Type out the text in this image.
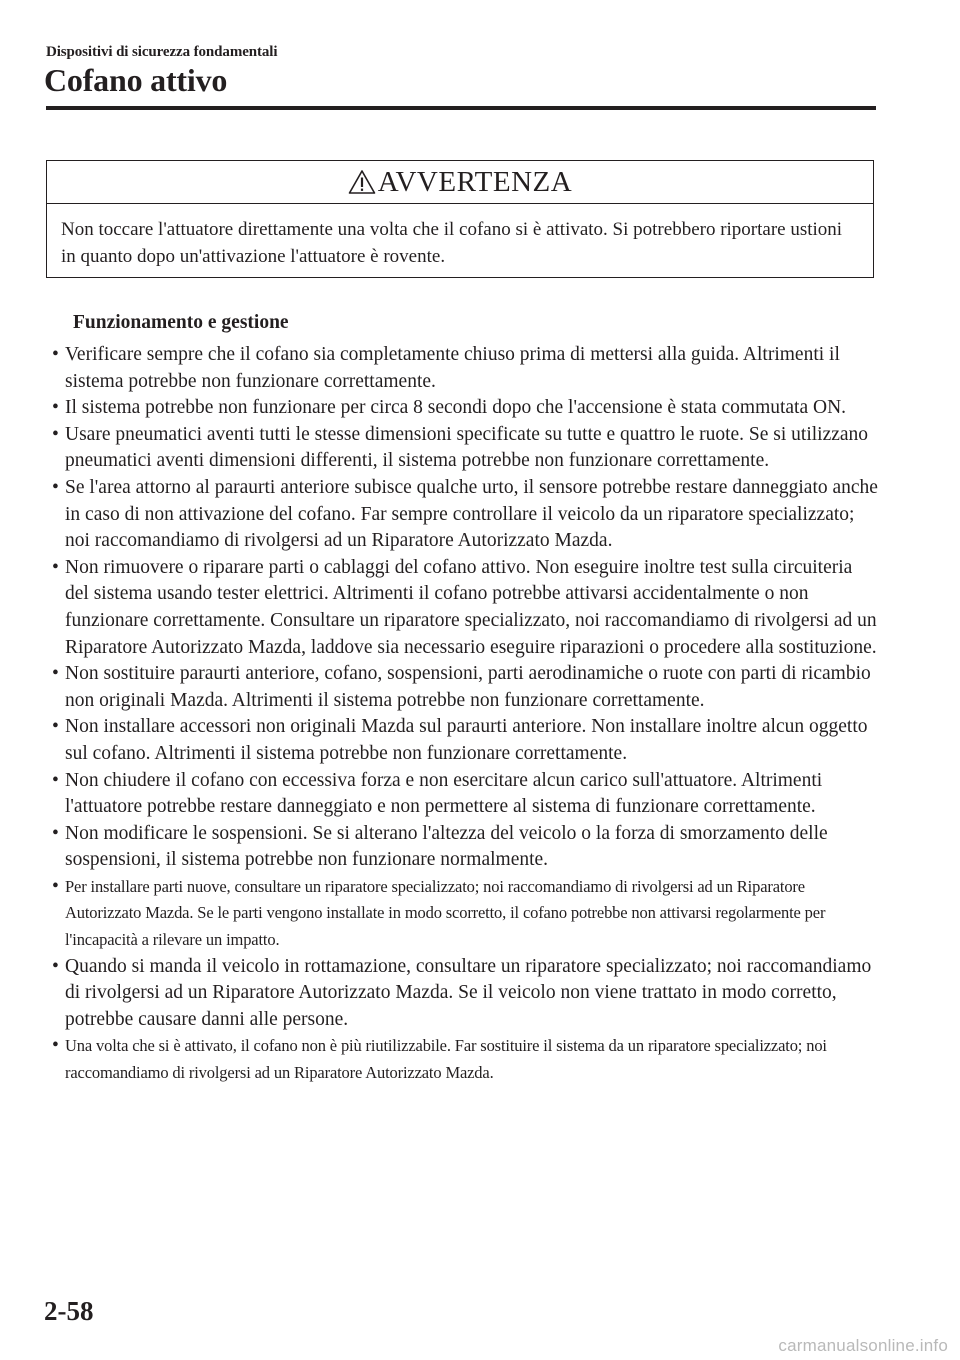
Dispositivi di sicurezza fondamentali
Cofano attivo
AVVERTENZA
Non toccare l'attuatore direttamente una volta che il cofano si è attivato. Si potrebbero riportare ustioni in quanto dopo un'attivazione l'attuatore è rovente.
Funzionamento e gestione
• Verificare sempre che il cofano sia completamente chiuso prima di mettersi alla guida. Altrimenti il sistema potrebbe non funzionare correttamente.
• Il sistema potrebbe non funzionare per circa 8 secondi dopo che l'accensione è stata commutata ON.
• Usare pneumatici aventi tutti le stesse dimensioni specificate su tutte e quattro le ruote. Se si utilizzano pneumatici aventi dimensioni differenti, il sistema potrebbe non funzionare correttamente.
• Se l'area attorno al paraurti anteriore subisce qualche urto, il sensore potrebbe restare danneggiato anche in caso di non attivazione del cofano. Far sempre controllare il veicolo da un riparatore specializzato; noi raccomandiamo di rivolgersi ad un Riparatore Autorizzato Mazda.
• Non rimuovere o riparare parti o cablaggi del cofano attivo. Non eseguire inoltre test sulla circuiteria del sistema usando tester elettrici. Altrimenti il cofano potrebbe attivarsi accidentalmente o non funzionare correttamente. Consultare un riparatore specializzato, noi raccomandiamo di rivolgersi ad un Riparatore Autorizzato Mazda, laddove sia necessario eseguire riparazioni o procedere alla sostituzione.
• Non sostituire paraurti anteriore, cofano, sospensioni, parti aerodinamiche o ruote con parti di ricambio non originali Mazda. Altrimenti il sistema potrebbe non funzionare correttamente.
• Non installare accessori non originali Mazda sul paraurti anteriore. Non installare inoltre alcun oggetto sul cofano. Altrimenti il sistema potrebbe non funzionare correttamente.
• Non chiudere il cofano con eccessiva forza e non esercitare alcun carico sull'attuatore. Altrimenti l'attuatore potrebbe restare danneggiato e non permettere al sistema di funzionare correttamente.
• Non modificare le sospensioni. Se si alterano l'altezza del veicolo o la forza di smorzamento delle sospensioni, il sistema potrebbe non funzionare normalmente.
• Per installare parti nuove, consultare un riparatore specializzato; noi raccomandiamo di rivolgersi ad un Riparatore Autorizzato Mazda. Se le parti vengono installate in modo scorretto, il cofano potrebbe non attivarsi regolarmente per l'incapacità a rilevare un impatto.
• Quando si manda il veicolo in rottamazione, consultare un riparatore specializzato; noi raccomandiamo di rivolgersi ad un Riparatore Autorizzato Mazda. Se il veicolo non viene trattato in modo corretto, potrebbe causare danni alle persone.
• Una volta che si è attivato, il cofano non è più riutilizzabile. Far sostituire il sistema da un riparatore specializzato; noi raccomandiamo di rivolgersi ad un Riparatore Autorizzato Mazda.
2-58
carmanualsonline.info
